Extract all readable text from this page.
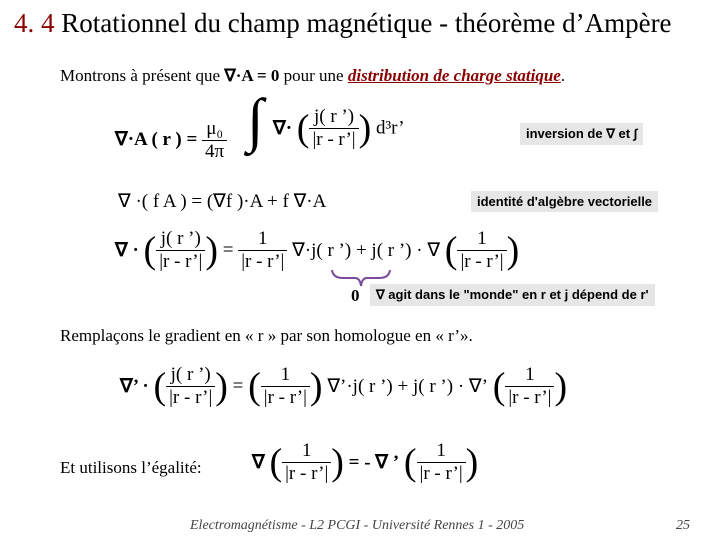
4. 4 Rotationnel du champ magnétique - théorème d’Ampère
Montrons à présent que ∇·A = 0 pour une distribution de charge statique.
∇·A ( r ) = $\frac{\text{μ₀}}{4\pi}$ ∫ ∇· ( $\frac{j( r ’)}{|r - r’|}$ ) d³r’	inversion de ∇ et ∫
∇ ·( f A ) = (∇f )·A + f ∇·A	identité d'algèbre vectorielle
∇ · ( $\frac{j( r ’)}{|r - r’|}$ ) = $\frac{1}{|r - r’|} \nabla\cdot j$( r ’) + j( r ’) · ∇ ( $\frac{1}{|r - r’|}$ )
0	∇ agit dans le "monde" en r et j dépend de r'
Remplaçons le gradient en « r » par son homologue en « r’».
∇’ · ( $\frac{j( r ’)}{|r - r’|}$ ) = ( $\frac{1}{|r - r’|}$ ) ∇’·j( r ’) + j( r ’) · ∇’ ( $\frac{1}{|r - r’|}$ )
Et utilisons l’égalité:	∇ ( $\frac{1}{|r - r’|}$ ) = - ∇ ’ ( $\frac{1}{|r - r’|}$ )
Electromagnétisme - L2 PCGI - Université Rennes 1 - 2005	25
